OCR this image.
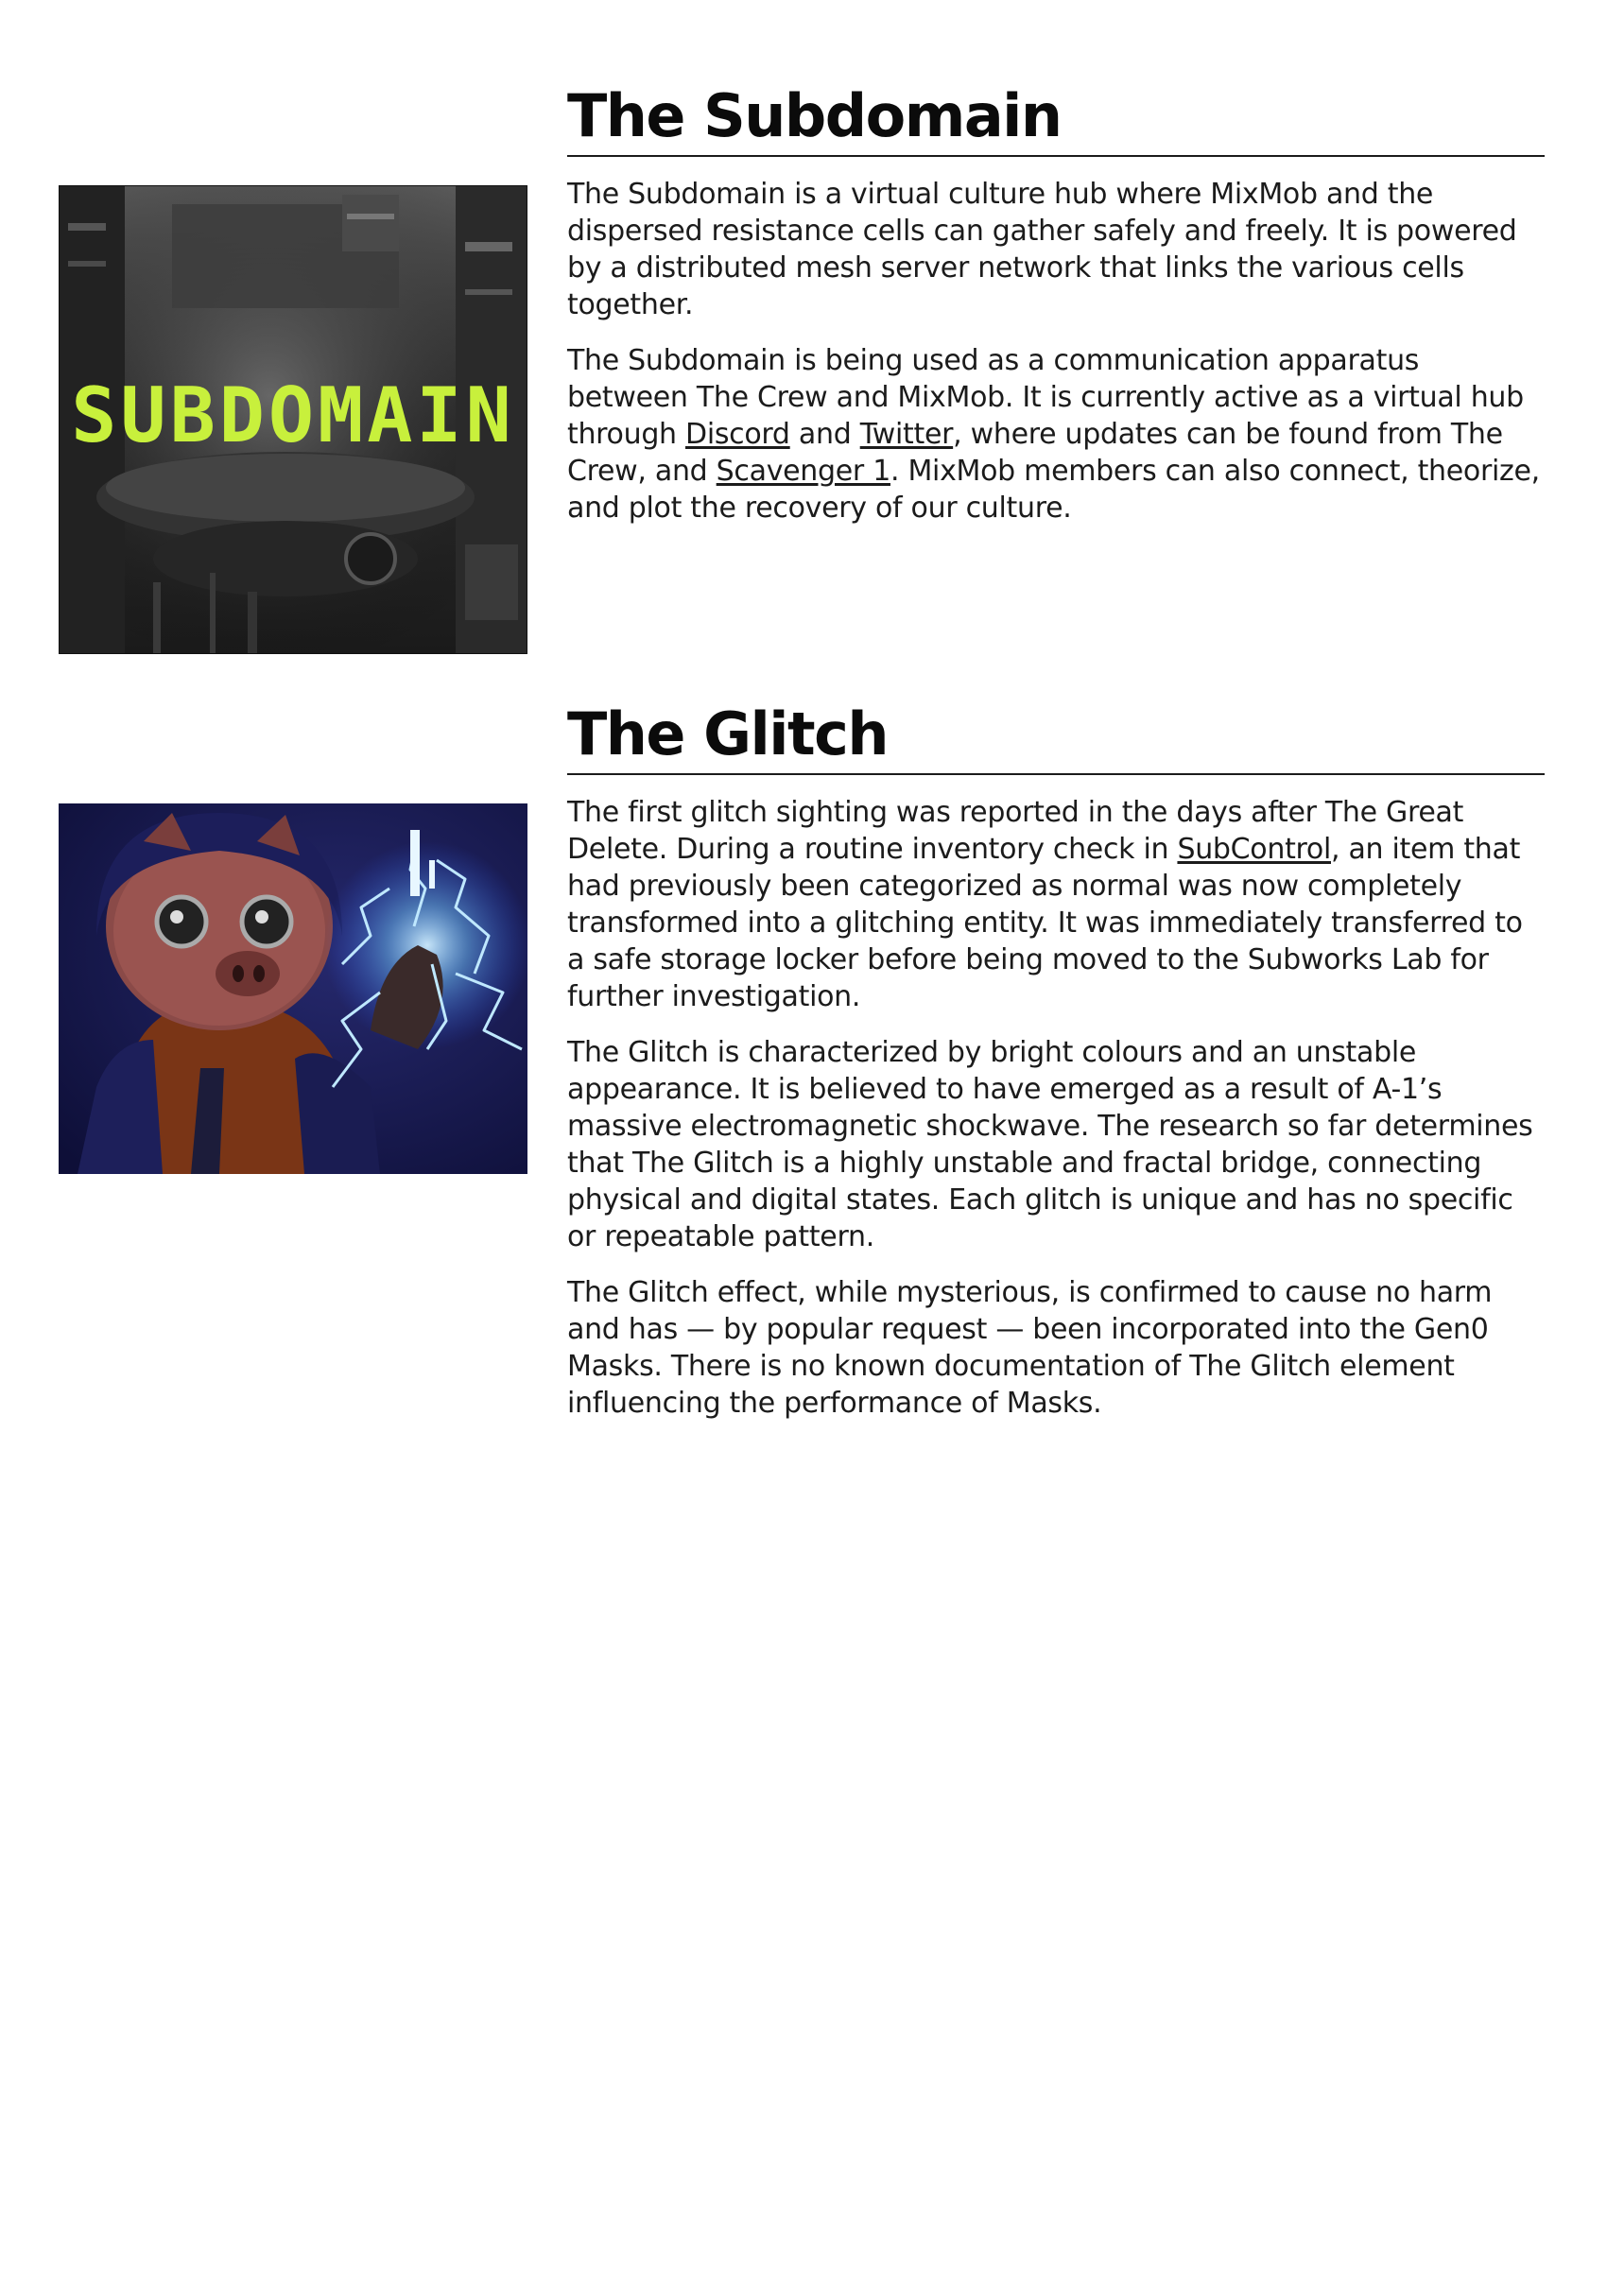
SUBDOMAIN
The Subdomain

The Subdomain is a virtual culture hub where MixMob and the dispersed resistance cells can gather safely and freely. It is powered by a distributed mesh server network that links the various cells together.

The Subdomain is being used as a communication apparatus between The Crew and MixMob. It is currently active as a virtual hub through Discord and Twitter, where updates can be found from The Crew, and Scavenger 1. MixMob members can also connect, theorize, and plot the recovery of our culture.

The Glitch

The first glitch sighting was reported in the days after The Great Delete. During a routine inventory check in SubControl, an item that had previously been categorized as normal was now completely transformed into a glitching entity. It was immediately transferred to a safe storage locker before being moved to the Subworks Lab for further investigation.

The Glitch is characterized by bright colours and an unstable appearance. It is believed to have emerged as a result of A-1’s massive electromagnetic shockwave. The research so far determines that The Glitch is a highly unstable and fractal bridge, connecting physical and digital states. Each glitch is unique and has no specific or repeatable pattern.

The Glitch effect, while mysterious, is confirmed to cause no harm and has — by popular request — been incorporated into the Gen0 Masks. There is no known documentation of The Glitch element influencing the performance of Masks.
